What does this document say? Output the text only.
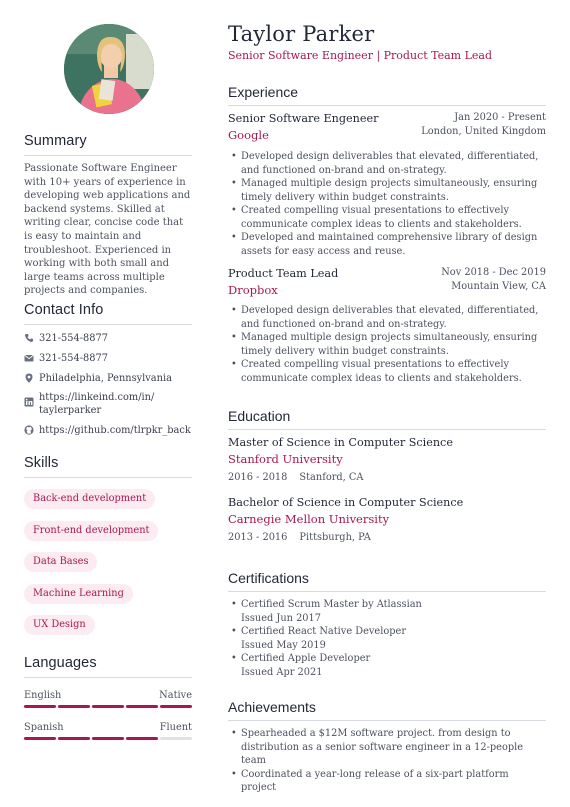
Summary

Passionate Software Engineer with 10+ years of experience in developing web applications and backend systems. Skilled at writing clear, concise code that is easy to maintain and troubleshoot. Experienced in working with both small and large teams across multiple projects and companies.

Contact Info
321-554-8877
321-554-8877
Philadelphia, Pennsylvania
https://linkeind.com/in/
taylerparker
https://github.com/tlrpkr_back
Skills
Back-end development
Front-end development
Data Bases
Machine Learning
UX Design
Languages
English	Native
Spanish	Fluent
Taylor Parker
Senior Software Engineer | Product Team Lead
Experience
Senior Software Engeneer
Google
Jan 2020 - Present
London, United Kingdom
• Developed design deliverables that elevated, differentiated, and functioned on-brand and on-strategy.
• Managed multiple design projects simultaneously, ensuring timely delivery within budget constraints.
• Created compelling visual presentations to effectively communicate complex ideas to clients and stakeholders.
• Developed and maintained comprehensive library of design assets for easy access and reuse.
Product Team Lead
Dropbox
Nov 2018 - Dec 2019
Mountain View, CA
• Developed design deliverables that elevated, differentiated, and functioned on-brand and on-strategy.
• Managed multiple design projects simultaneously, ensuring timely delivery within budget constraints.
• Created compelling visual presentations to effectively communicate complex ideas to clients and stakeholders.
Education
Master of Science in Computer Science
Stanford University
2016 - 2018 Stanford, CA
Bachelor of Science in Computer Science
Carnegie Mellon University
2013 - 2016 Pittsburgh, PA
Certifications
• Certified Scrum Master by Atlassian
Issued Jun 2017
• Certified React Native Developer
Issued May 2019
• Certified Apple Developer
Issued Apr 2021
Achievements
• Spearheaded a $12M software project. from design to distribution as a senior software engineer in a 12-people team
• Coordinated a year-long release of a six-part platform project
